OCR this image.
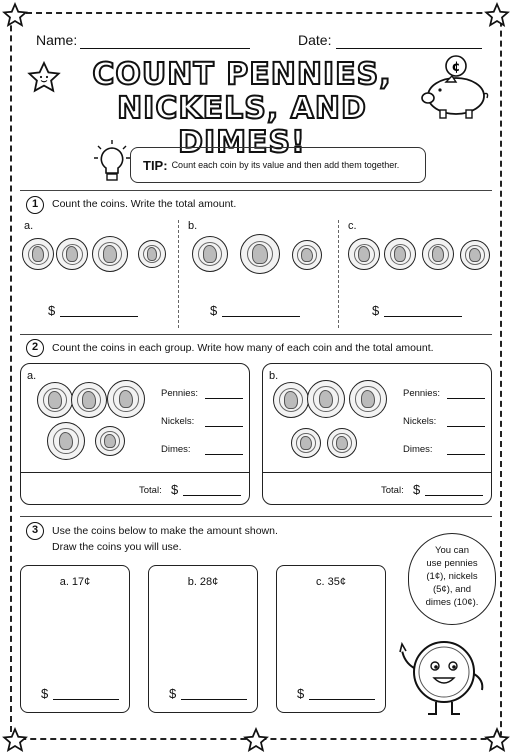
Name:	Date:
COUNT PENNIES,
NICKELS, AND DIMES!
¢
TIP: Count each coin by its value and then add them together.
1	Count the coins. Write the total amount.
a.	b.	c.
$	$	$
2	Count the coins in each group. Write how many of each coin and the total amount.
a.
Pennies:
Nickels:
Dimes:
Total: $
b.
Pennies:
Nickels:
Dimes:
Total: $
3	Use the coins below to make the amount shown.
Draw the coins you will use.
a. 17¢
$
b. 28¢
$
c. 35¢
$
You can
use pennies
(1¢), nickels
(5¢), and
dimes (10¢).
